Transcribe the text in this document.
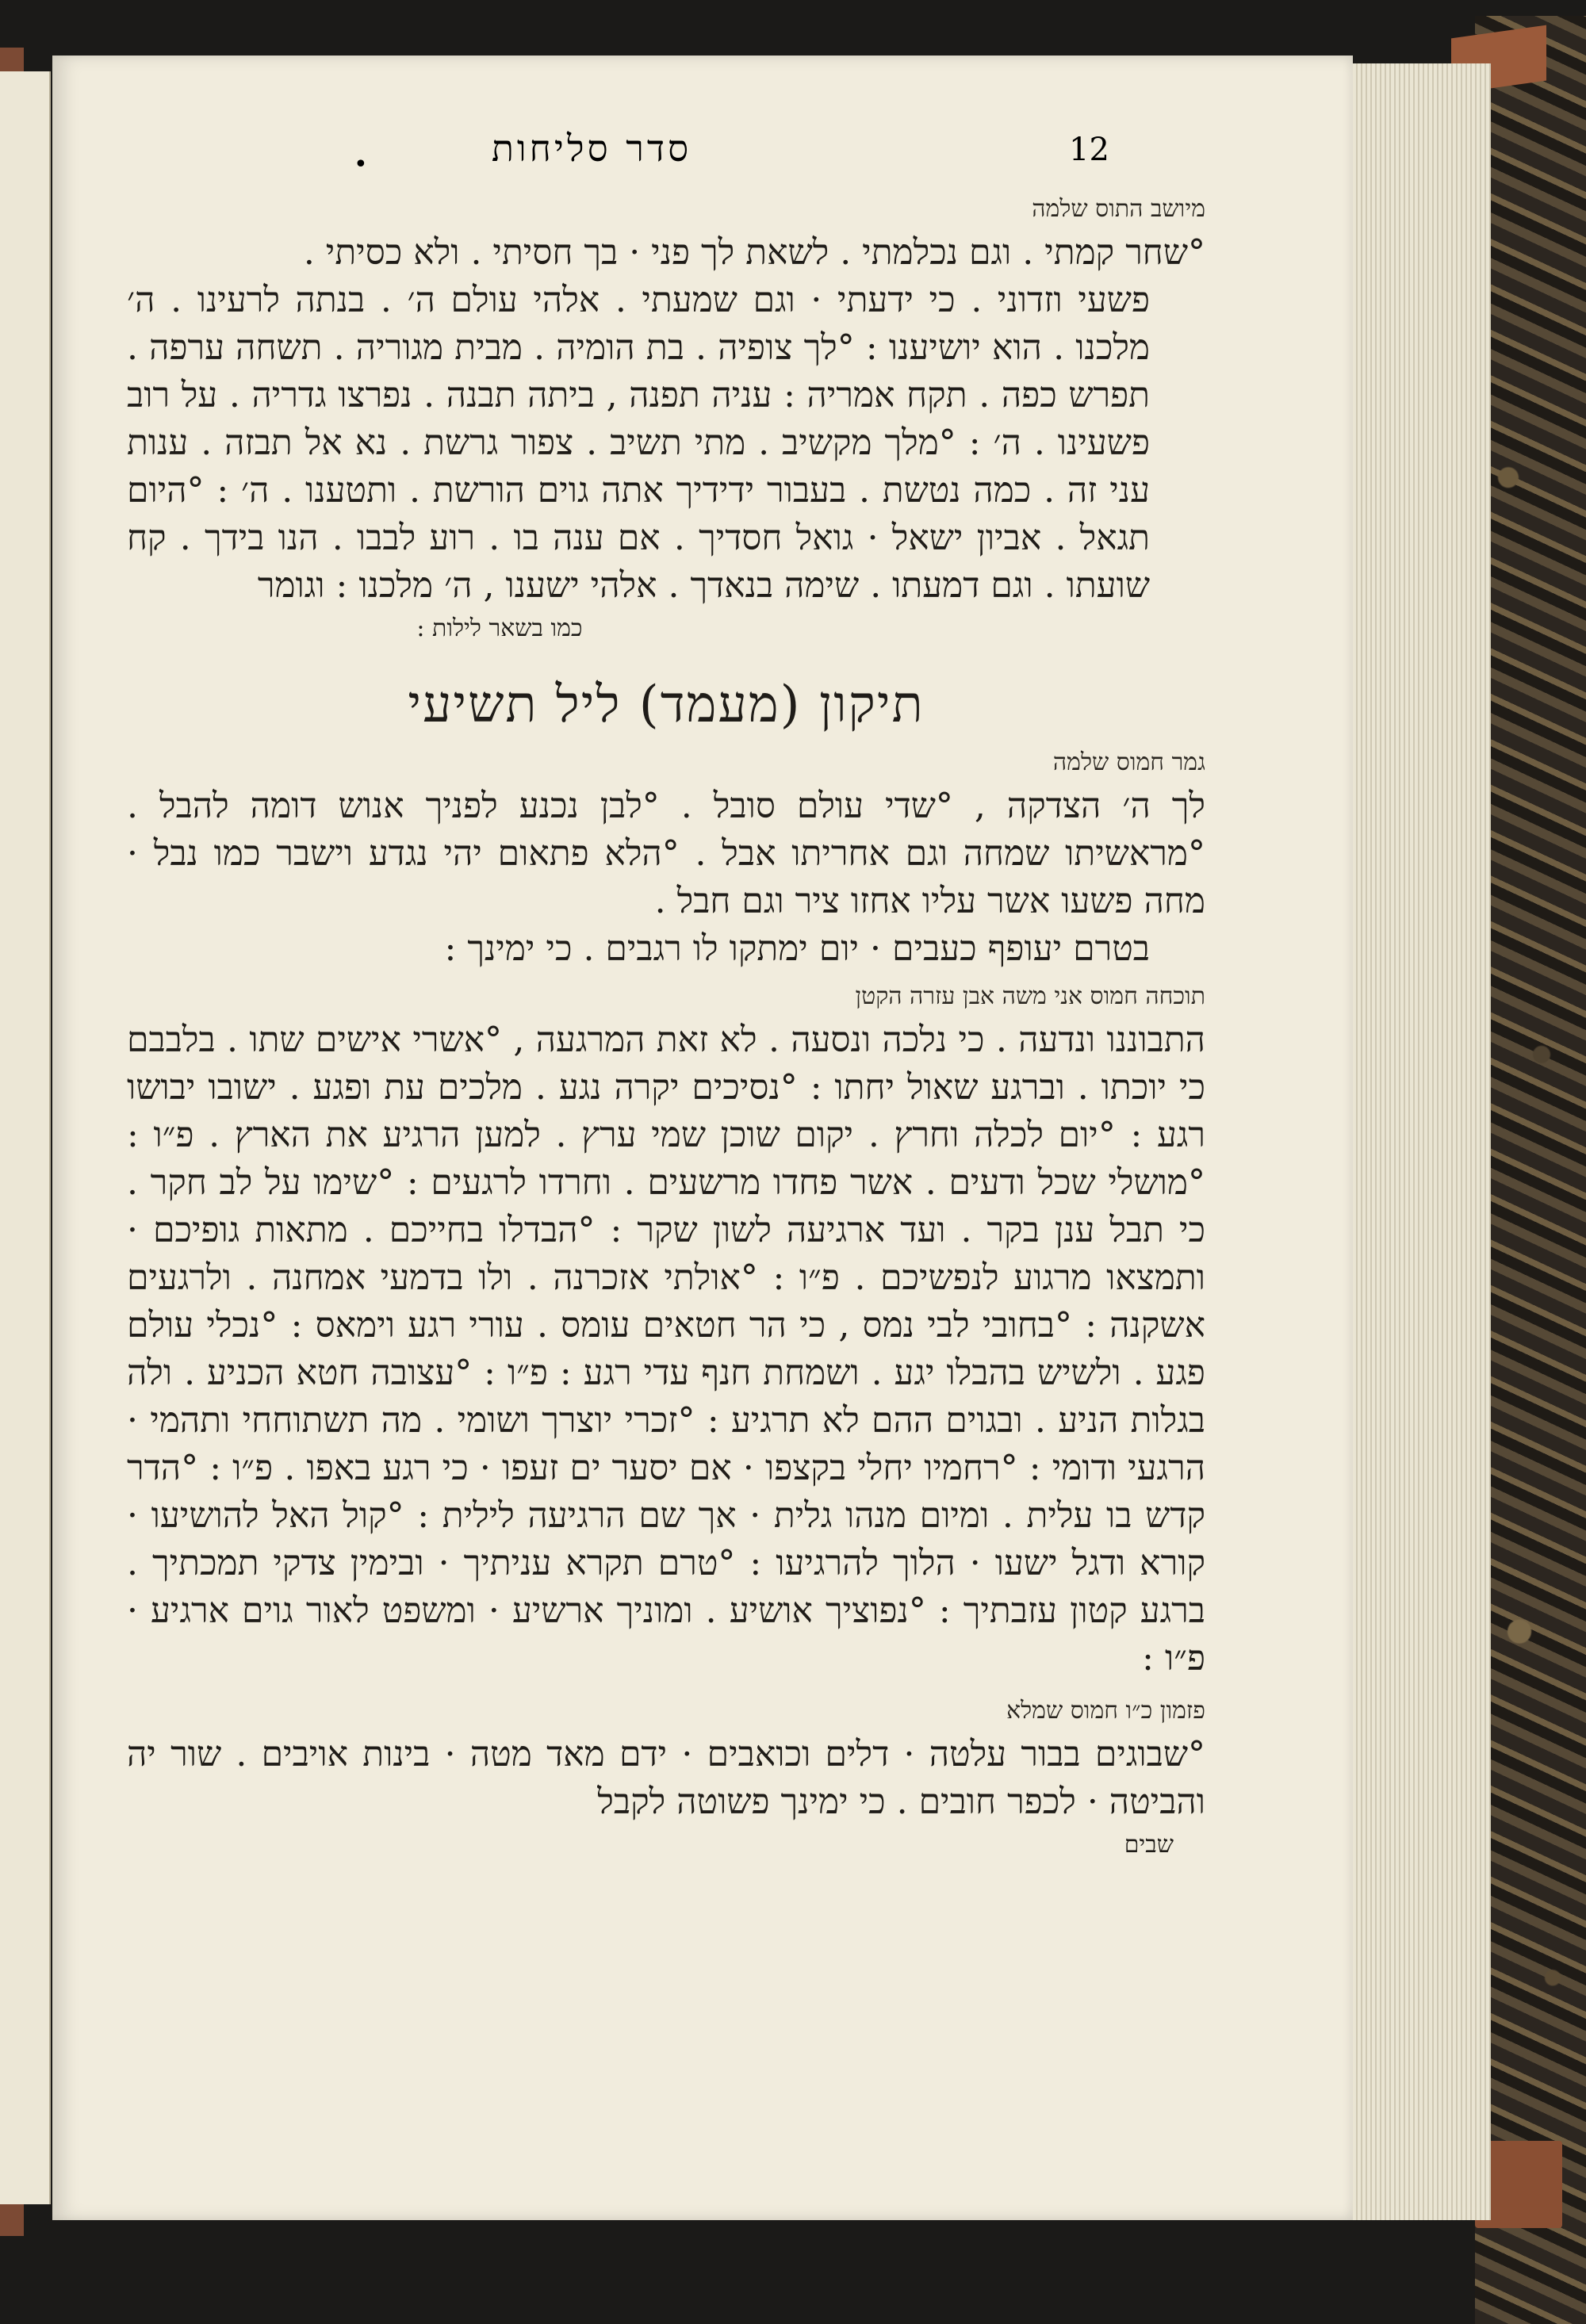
•	סדר סליחות	12
מיושב התוס שלמה

°שחר קמתי . וגם נכלמתי . לשאת לך פני · בך חסיתי . ולא כסיתי .

פשעי וזדוני . כי ידעתי · וגם שמעתי . אלהי עולם ה׳ . בנתה לרעינו . ה׳ מלכנו . הוא יושיענו : °לך צופיה . בת הומיה . מבית מגוריה . תשחה ערפה . תפרש כפה . תקח אמריה : עניה תפנה , ביתה תבנה . נפרצו גדריה . על רוב פשעינו . ה׳ : °מלך מקשיב . מתי תשיב . צפור גרשת . נא אל תבזה . ענות עני זה . כמה נטשת . בעבור ידידיך אתה גוים הורשת . ותטענו . ה׳ : °היום תגאל . אביון ישאל · גואל חסדיך . אם ענה בו . רוע לבבו . הנו בידך . קח שועתו . וגם דמעתו . שימה בנאדך . אלהי ישענו , ה׳ מלכנו : וגומר

כמו בשאר לילות :
תיקון (מעמד) ליל תשיעי
גמר חמוס שלמה

לך ה׳ הצדקה , °שדי עולם סובל . °לבן נכנע לפניך אנוש דומה להבל . °מראשיתו שמחה וגם אחריתו אבל . °הלא פתאום יהי נגדע וישבר כמו נבל · מחה פשעו אשר עליו אחזו ציר וגם חבל .

בטרם יעופף כעבים · יום ימתקו לו רגבים . כי ימינך :

תוכחה חמוס אני משה אבן עזרה הקטן

התבוננו ונדעה . כי נלכה ונסעה . לא זאת המרגעה , °אשרי אישים שתו . בלבבם כי יוכתו . וברגע שאול יחתו : °נסיכים יקרה נגע . מלכים עת ופגע . ישובו יבושו רגע : °יום לכלה וחרץ . יקום שוכן שמי ערץ . למען הרגיע את הארץ . פ״ו : °מושלי שכל ודעים . אשר פחדו מרשעים . וחרדו לרגעים : °שימו על לב חקר . כי תבל ענן בקר . ועד ארגיעה לשון שקר : °הבדלו בחייכם . מתאות גופיכם · ותמצאו מרגוע לנפשיכם . פ״ו : °אולתי אזכרנה . ולו בדמעי אמחנה . ולרגעים אשקנה : °בחובי לבי נמס , כי הר חטאים עומס . עורי רגע וימאס : °נכלי עולם פגע . ולשיש בהבלו יגע . ושמחת חנף עדי רגע : פ״ו : °עצובה חטא הכניע . ולה בגלות הניע . ובגוים ההם לא תרגיע : °זכרי יוצרך ושומי . מה תשתוחחי ותהמי · הרגעי ודומי : °רחמיו יחלי בקצפו · אם יסער ים זעפו · כי רגע באפו . פ״ו : °הדר קדש בו עלית . ומיום מנהו גלית · אך שם הרגיעה לילית : °קול האל להושיעו · קורא ודגל ישעו · הלוך להרגיעו : °טרם תקרא עניתיך · ובימין צדקי תמכתיך . ברגע קטון עזבתיך : °נפוציך אושיע . ומוניך ארשיע · ומשפט לאור גוים ארגיע · פ״ו :

פזמון כ״ו חמוס שמלא

°שבוגים בבור עלטה · דלים וכואבים · ידם מאד מטה · בינות אויבים . שור יה והביטה · לכפר חובים . כי ימינך פשוטה לקבל

שבים
